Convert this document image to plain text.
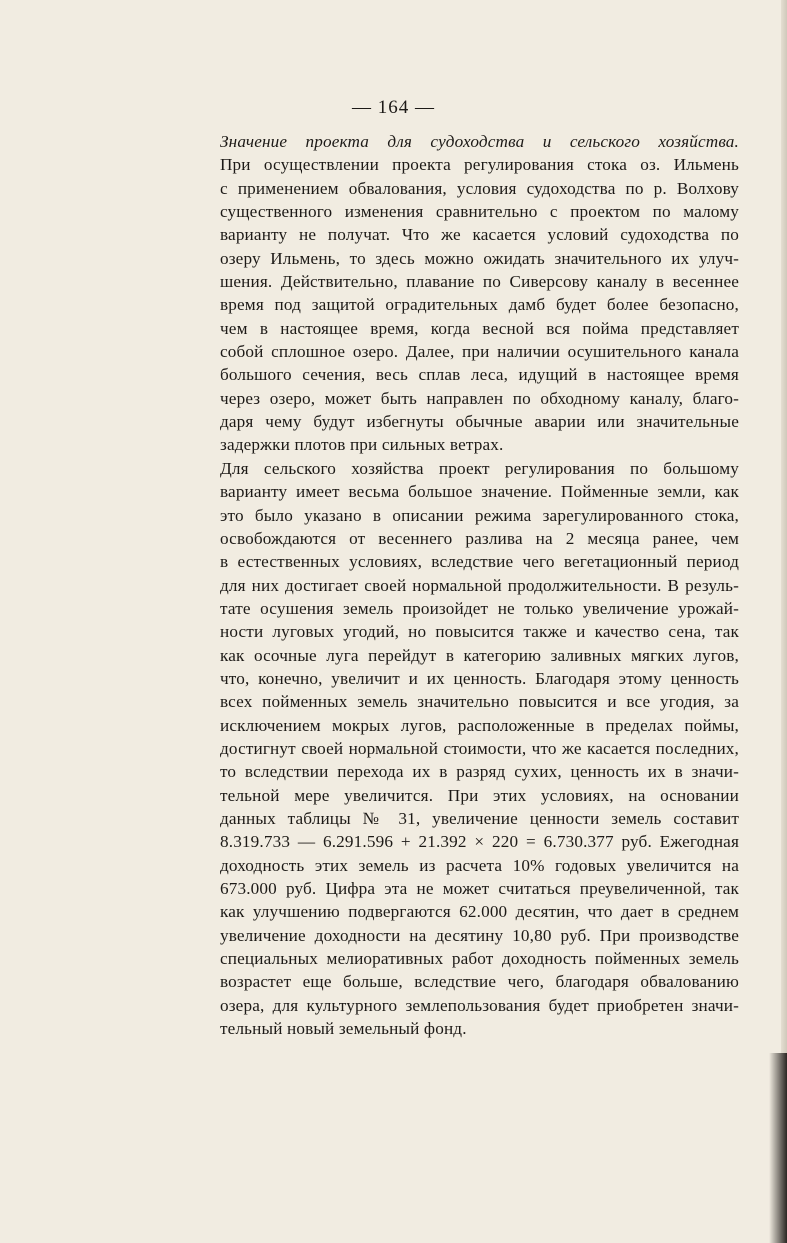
— 164 —
Значение проекта для судоходства и сельского хозяйства.
При осуществлении проекта регулирования стока оз. Ильмень
с применением обвалования, условия судоходства по р. Волхову
существенного изменения сравнительно с проектом по малому
варианту не получат. Что же касается условий судоходства по
озеру Ильмень, то здесь можно ожидать значительного их улуч-
шения. Действительно, плавание по Сиверсову каналу в весеннее
время под защитой оградительных дамб будет более безопасно,
чем в настоящее время, когда весной вся пойма представляет
собой сплошное озеро. Далее, при наличии осушительного канала
большого сечения, весь сплав леса, идущий в настоящее время
через озеро, может быть направлен по обходному каналу, благо-
даря чему будут избегнуты обычные аварии или значительные
задержки плотов при сильных ветрах.
Для сельского хозяйства проект регулирования по большому
варианту имеет весьма большое значение. Пойменные земли, как
это было указано в описании режима зарегулированного стока,
освобождаются от весеннего разлива на 2 месяца ранее, чем
в естественных условиях, вследствие чего вегетационный период
для них достигает своей нормальной продолжительности. В резуль-
тате осушения земель произойдет не только увеличение урожай-
ности луговых угодий, но повысится также и качество сена, так
как осочные луга перейдут в категорию заливных мягких лугов,
что, конечно, увеличит и их ценность. Благодаря этому ценность
всех пойменных земель значительно повысится и все угодия, за
исключением мокрых лугов, расположенные в пределах поймы,
достигнут своей нормальной стоимости, что же касается последних,
то вследствии перехода их в разряд сухих, ценность их в значи-
тельной мере увеличится. При этих условиях, на основании
данных таблицы № 31, увеличение ценности земель составит
8.319.733 — 6.291.596 + 21.392 × 220 = 6.730.377 руб. Ежегодная
доходность этих земель из расчета 10% годовых увеличится на
673.000 руб. Цифра эта не может считаться преувеличенной, так
как улучшению подвергаются 62.000 десятин, что дает в среднем
увеличение доходности на десятину 10,80 руб. При производстве
специальных мелиоративных работ доходность пойменных земель
возрастет еще больше, вследствие чего, благодаря обвалованию
озера, для культурного землепользования будет приобретен значи-
тельный новый земельный фонд.
